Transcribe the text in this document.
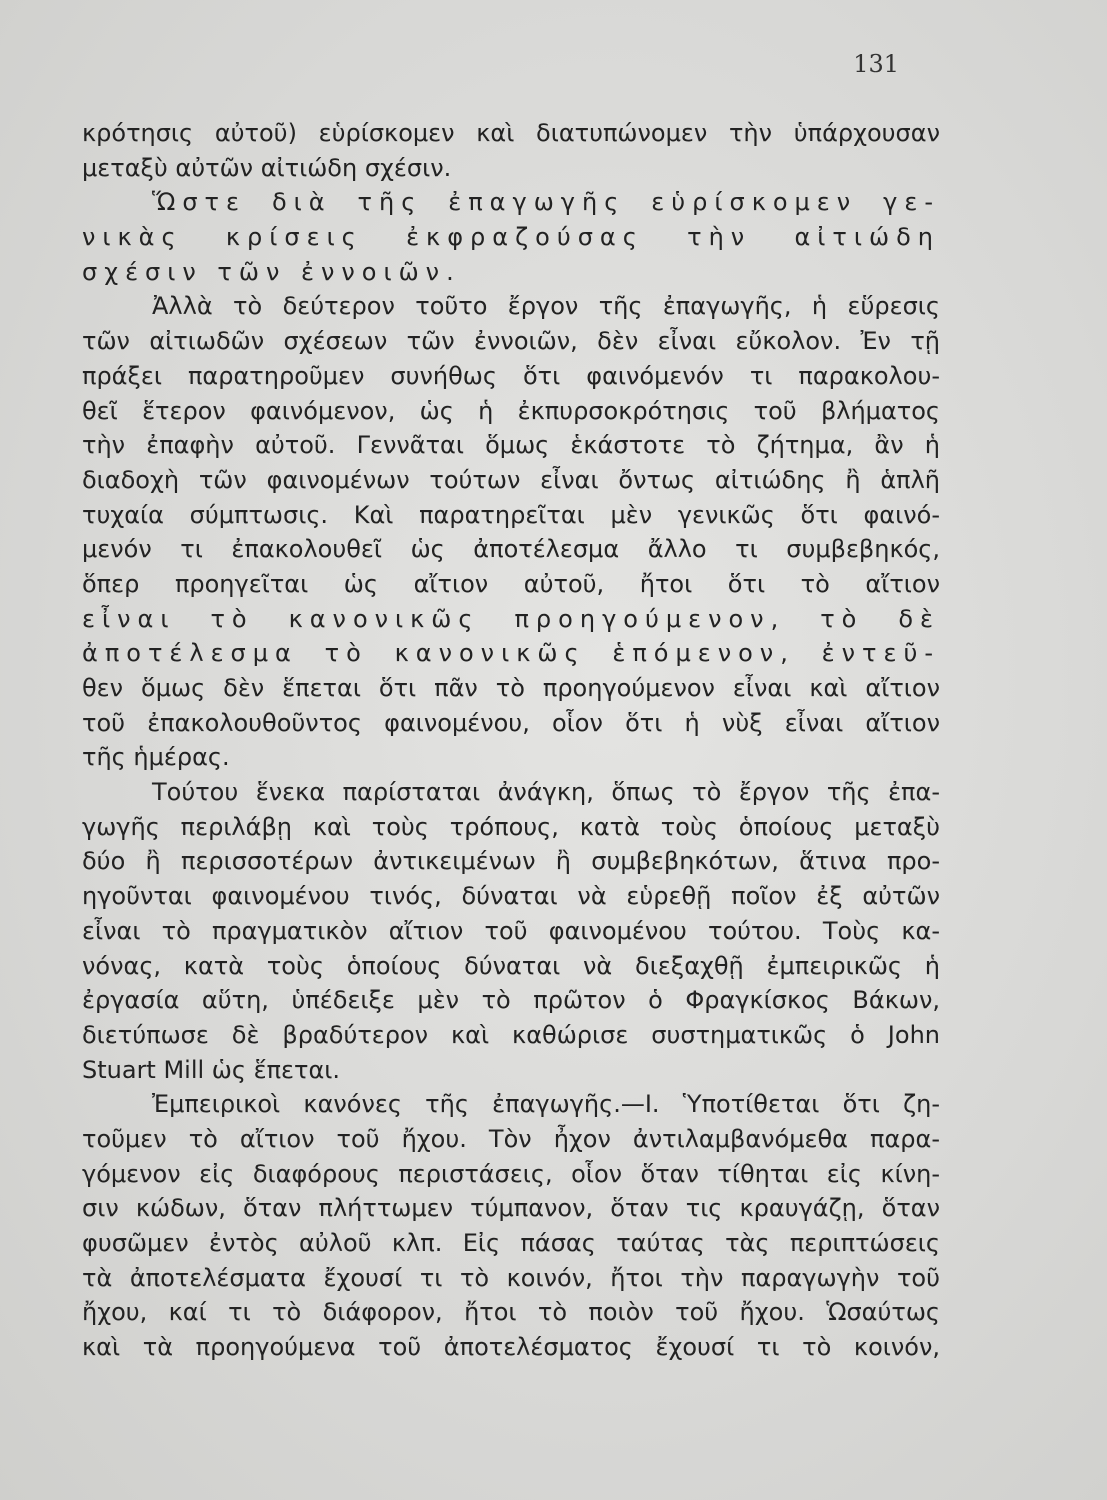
131
κρότησις αὐτοῦ) εὑρίσκομεν καὶ διατυπώνομεν τὴν ὑπάρχουσαν
μεταξὺ αὐτῶν αἰτιώδη σχέσιν.
Ὥστε διὰ τῆς ἐπαγωγῆς εὑρίσκομεν γε-
νικὰς κρίσεις ἐκφραζούσας τὴν αἰτιώδη
σχέσιν τῶν ἐννοιῶν.
Ἀλλὰ τὸ δεύτερον τοῦτο ἔργον τῆς ἐπαγωγῆς, ἡ εὕρεσις
τῶν αἰτιωδῶν σχέσεων τῶν ἐννοιῶν, δὲν εἶναι εὔκολον. Ἐν τῇ
πράξει παρατηροῦμεν συνήθως ὅτι φαινόμενόν τι παρακολου-
θεῖ ἕτερον φαινόμενον, ὡς ἡ ἐκπυρσοκρότησις τοῦ βλήματος
τὴν ἐπαφὴν αὐτοῦ. Γεννᾶται ὅμως ἑκάστοτε τὸ ζήτημα, ἂν ἡ
διαδοχὴ τῶν φαινομένων τούτων εἶναι ὄντως αἰτιώδης ἢ ἁπλῆ
τυχαία σύμπτωσις. Καὶ παρατηρεῖται μὲν γενικῶς ὅτι φαινό-
μενόν τι ἐπακολουθεῖ ὡς ἀποτέλεσμα ἄλλο τι συμβεβηκός,
ὅπερ προηγεῖται ὡς αἴτιον αὐτοῦ, ἤτοι ὅτι τὸ αἴτιον
εἶναι τὸ κανονικῶς προηγούμενον, τὸ δὲ
ἀποτέλεσμα τὸ κανονικῶς ἑπόμενον, ἐντεῦ-
θεν ὅμως δὲν ἕπεται ὅτι πᾶν τὸ προηγούμενον εἶναι καὶ αἴτιον
τοῦ ἐπακολουθοῦντος φαινομένου, οἷον ὅτι ἡ νὺξ εἶναι αἴτιον
τῆς ἡμέρας.
Τούτου ἕνεκα παρίσταται ἀνάγκη, ὅπως τὸ ἔργον τῆς ἐπα-
γωγῆς περιλάβῃ καὶ τοὺς τρόπους, κατὰ τοὺς ὁποίους μεταξὺ
δύο ἢ περισσοτέρων ἀντικειμένων ἢ συμβεβηκότων, ἅτινα προ-
ηγοῦνται φαινομένου τινός, δύναται νὰ εὑρεθῇ ποῖον ἐξ αὐτῶν
εἶναι τὸ πραγματικὸν αἴτιον τοῦ φαινομένου τούτου. Τοὺς κα-
νόνας, κατὰ τοὺς ὁποίους δύναται νὰ διεξαχθῇ ἐμπειρικῶς ἡ
ἐργασία αὕτη, ὑπέδειξε μὲν τὸ πρῶτον ὁ Φραγκίσκος Βάκων,
διετύπωσε δὲ βραδύτερον καὶ καθώρισε συστηματικῶς ὁ John
Stuart Mill ὡς ἕπεται.
Ἐμπειρικοὶ κανόνες τῆς ἐπαγωγῆς.—I. Ὑποτίθεται ὅτι ζη-
τοῦμεν τὸ αἴτιον τοῦ ἤχου. Τὸν ἦχον ἀντιλαμβανόμεθα παρα-
γόμενον εἰς διαφόρους περιστάσεις, οἷον ὅταν τίθηται εἰς κίνη-
σιν κώδων, ὅταν πλήττωμεν τύμπανον, ὅταν τις κραυγάζῃ, ὅταν
φυσῶμεν ἐντὸς αὐλοῦ κλπ. Εἰς πάσας ταύτας τὰς περιπτώσεις
τὰ ἀποτελέσματα ἔχουσί τι τὸ κοινόν, ἤτοι τὴν παραγωγὴν τοῦ
ἤχου, καί τι τὸ διάφορον, ἤτοι τὸ ποιὸν τοῦ ἤχου. Ὡσαύτως
καὶ τὰ προηγούμενα τοῦ ἀποτελέσματος ἔχουσί τι τὸ κοινόν,
